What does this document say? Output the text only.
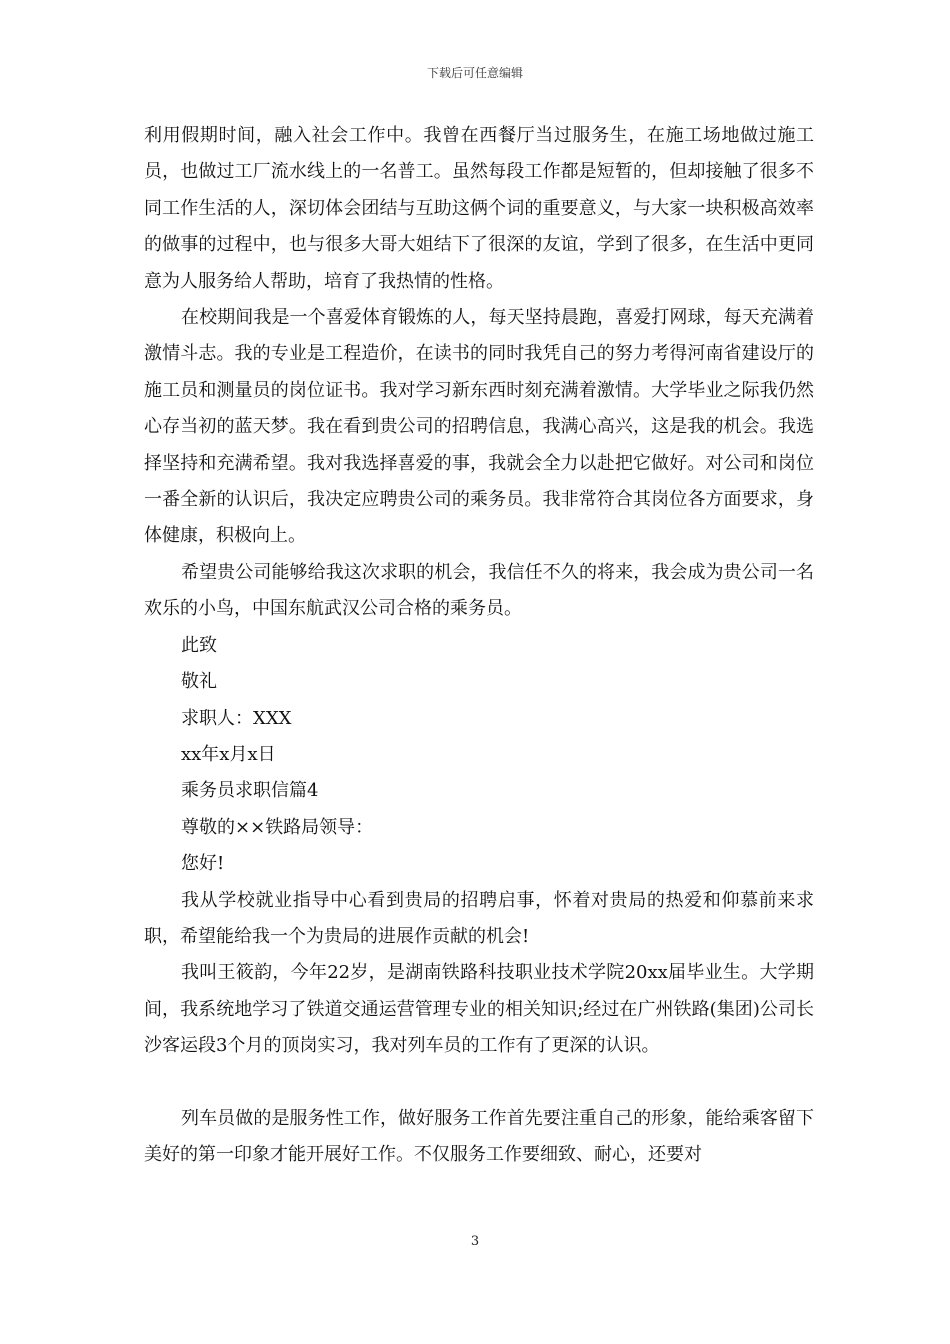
下载后可任意编辑

利用假期时间，融入社会工作中。我曾在西餐厅当过服务生，在施工场地做过施工员，也做过工厂流水线上的一名普工。虽然每段工作都是短暂的，但却接触了很多不同工作生活的人，深切体会团结与互助这俩个词的重要意义，与大家一块积极高效率的做事的过程中，也与很多大哥大姐结下了很深的友谊，学到了很多，在生活中更同意为人服务给人帮助，培育了我热情的性格。

在校期间我是一个喜爱体育锻炼的人，每天坚持晨跑，喜爱打网球，每天充满着激情斗志。我的专业是工程造价，在读书的同时我凭自己的努力考得河南省建设厅的施工员和测量员的岗位证书。我对学习新东西时刻充满着激情。大学毕业之际我仍然心存当初的蓝天梦。我在看到贵公司的招聘信息，我满心高兴，这是我的机会。我选择坚持和充满希望。我对我选择喜爱的事，我就会全力以赴把它做好。对公司和岗位一番全新的认识后，我决定应聘贵公司的乘务员。我非常符合其岗位各方面要求，身体健康，积极向上。

希望贵公司能够给我这次求职的机会，我信任不久的将来，我会成为贵公司一名欢乐的小鸟，中国东航武汉公司合格的乘务员。

此致

敬礼

求职人：XXX

xx年x月x日

乘务员求职信篇4

尊敬的××铁路局领导：

您好!

我从学校就业指导中心看到贵局的招聘启事，怀着对贵局的热爱和仰慕前来求职，希望能给我一个为贵局的进展作贡献的机会!

我叫王筱韵，今年22岁，是湖南铁路科技职业技术学院20xx届毕业生。大学期间，我系统地学习了铁道交通运营管理专业的相关知识;经过在广州铁路(集团)公司长沙客运段3个月的顶岗实习，我对列车员的工作有了更深的认识。

列车员做的是服务性工作，做好服务工作首先要注重自己的形象，能给乘客留下美好的第一印象才能开展好工作。不仅服务工作要细致、耐心，还要对

3
